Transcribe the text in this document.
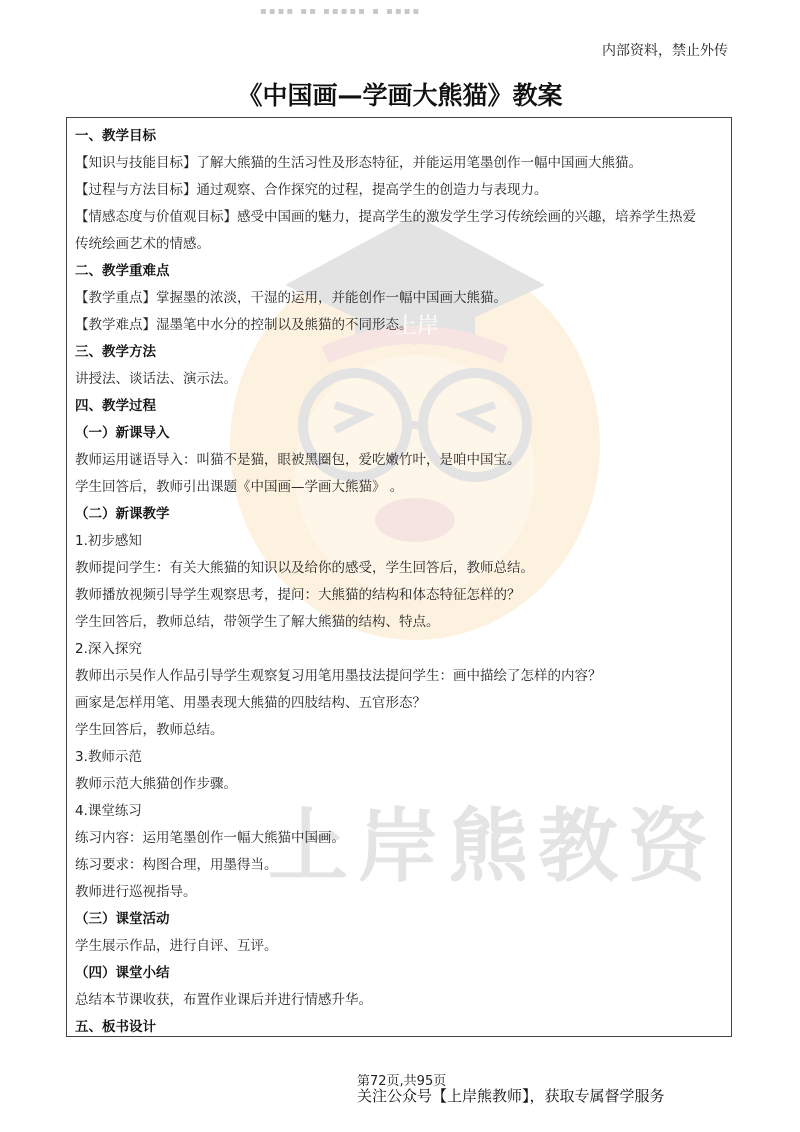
▪▪▪▪ ▪▪ ▪▪▪▪▪ ▪ ▪▪▪▪
内部资料，禁止外传
《中国画—学画大熊猫》教案
上岸
上岸熊教资
一、教学目标
【知识与技能目标】了解大熊猫的生活习性及形态特征，并能运用笔墨创作一幅中国画大熊猫。
【过程与方法目标】通过观察、合作探究的过程，提高学生的创造力与表现力。
【情感态度与价值观目标】感受中国画的魅力，提高学生的激发学生学习传统绘画的兴趣，培养学生热爱
传统绘画艺术的情感。
二、教学重难点
【教学重点】掌握墨的浓淡，干湿的运用，并能创作一幅中国画大熊猫。
【教学难点】湿墨笔中水分的控制以及熊猫的不同形态。
三、教学方法
讲授法、谈话法、演示法。
四、教学过程
（一）新课导入
教师运用谜语导入：叫猫不是猫，眼被黑圈包，爱吃嫩竹叶，是咱中国宝。
学生回答后，教师引出课题《中国画—学画大熊猫》 。
（二）新课教学
1.初步感知
教师提问学生：有关大熊猫的知识以及给你的感受，学生回答后，教师总结。
教师播放视频引导学生观察思考，提问：大熊猫的结构和体态特征怎样的？
学生回答后，教师总结，带领学生了解大熊猫的结构、特点。
2.深入探究
教师出示吴作人作品引导学生观察复习用笔用墨技法提问学生：画中描绘了怎样的内容？
画家是怎样用笔、用墨表现大熊猫的四肢结构、五官形态？
学生回答后，教师总结。
3.教师示范
教师示范大熊猫创作步骤。
4.课堂练习
练习内容：运用笔墨创作一幅大熊猫中国画。
练习要求：构图合理，用墨得当。
教师进行巡视指导。
（三）课堂活动
学生展示作品，进行自评、互评。
（四）课堂小结
总结本节课收获，布置作业课后并进行情感升华。
五、板书设计
第72页,共95页
关注公众号【上岸熊教师】，获取专属督学服务
